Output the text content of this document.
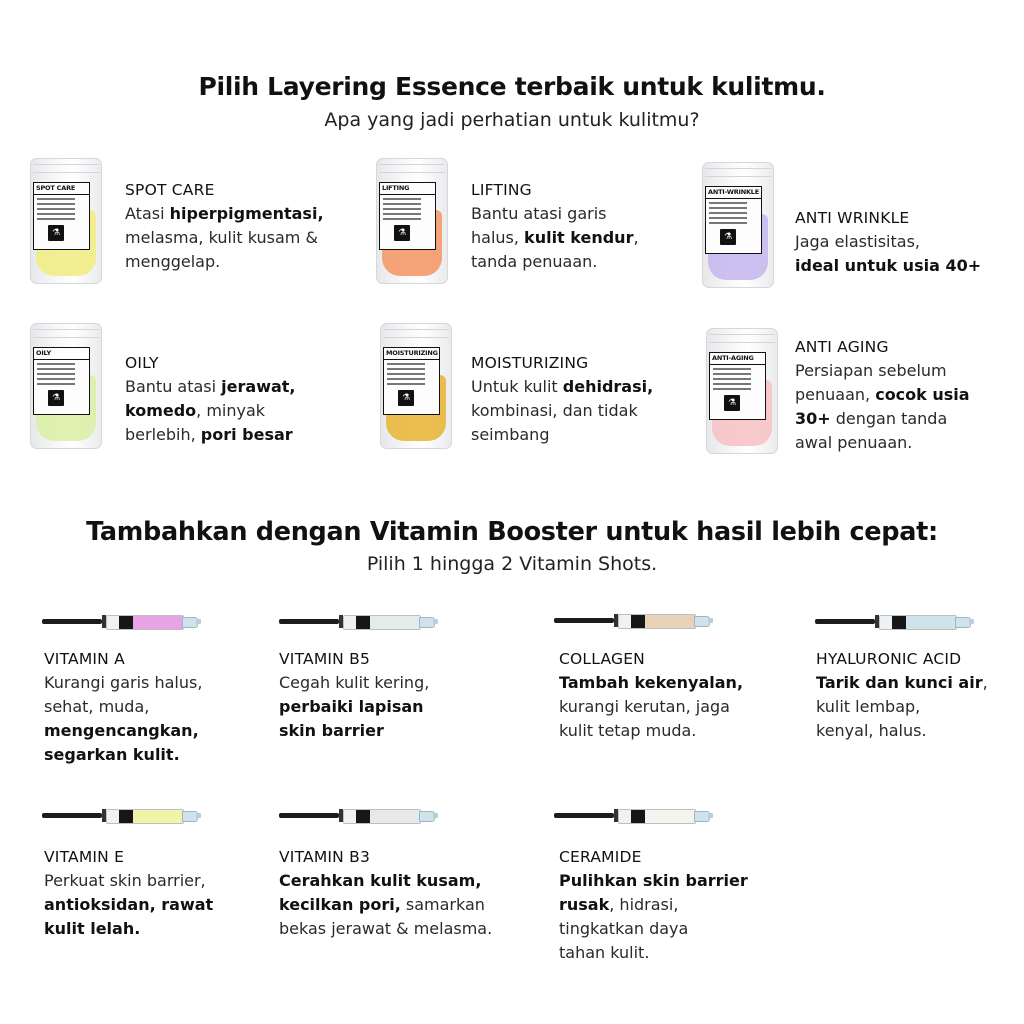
Pilih Layering Essence terbaik untuk kulitmu.
Apa yang jadi perhatian untuk kulitmu?
SPOT CARE
⚗
SPOT CARE
Atasi hiperpigmentasi,
melasma, kulit kusam &
menggelap.
LIFTING
⚗
LIFTING
Bantu atasi garis
halus, kulit kendur,
tanda penuaan.
ANTI-WRINKLE
⚗
ANTI WRINKLE
Jaga elastisitas,
ideal untuk usia 40+
OILY
⚗
OILY
Bantu atasi jerawat,
komedo, minyak
berlebih, pori besar
MOISTURIZING
⚗
MOISTURIZING
Untuk kulit dehidrasi,
kombinasi, dan tidak
seimbang
ANTI-AGING
⚗
ANTI AGING
Persiapan sebelum
penuaan, cocok usia
30+ dengan tanda
awal penuaan.
Tambahkan dengan Vitamin Booster untuk hasil lebih cepat:
Pilih 1 hingga 2 Vitamin Shots.
VITAMIN A
Kurangi garis halus,
sehat, muda,
mengencangkan,
segarkan kulit.
VITAMIN B5
Cegah kulit kering,
perbaiki lapisan
skin barrier
COLLAGEN
Tambah kekenyalan,
kurangi kerutan, jaga
kulit tetap muda.
HYALURONIC ACID
Tarik dan kunci air,
kulit lembap,
kenyal, halus.
VITAMIN E
Perkuat skin barrier,
antioksidan, rawat
kulit lelah.
VITAMIN B3
Cerahkan kulit kusam,
kecilkan pori, samarkan
bekas jerawat & melasma.
CERAMIDE
Pulihkan skin barrier
rusak, hidrasi,
tingkatkan daya
tahan kulit.
